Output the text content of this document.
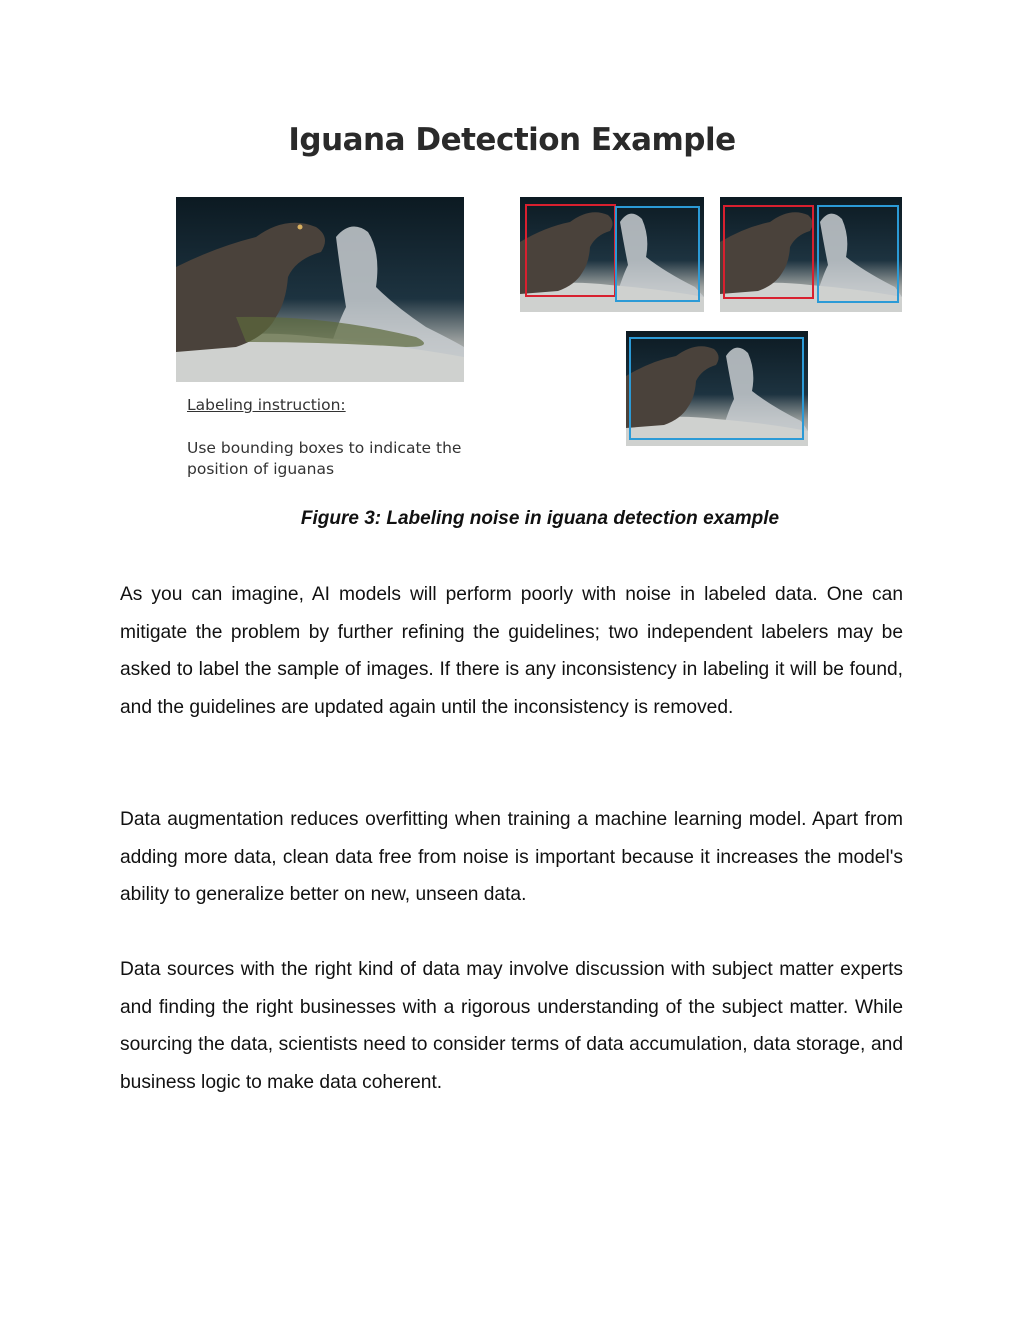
Iguana Detection Example
Labeling instruction:
Use bounding boxes to indicate the position of iguanas
Figure 3: Labeling noise in iguana detection example

As you can imagine, AI models will perform poorly with noise in labeled data. One can mitigate the problem by further refining the guidelines; two independent labelers may be asked to label the sample of images. If there is any inconsistency in labeling it will be found, and the guidelines are updated again until the inconsistency is removed.

Data augmentation reduces overfitting when training a machine learning model. Apart from adding more data, clean data free from noise is important because it increases the model's ability to generalize better on new, unseen data.

Data sources with the right kind of data may involve discussion with subject matter experts and finding the right businesses with a rigorous understanding of the subject matter. While sourcing the data, scientists need to consider terms of data accumulation, data storage, and business logic to make data coherent.
